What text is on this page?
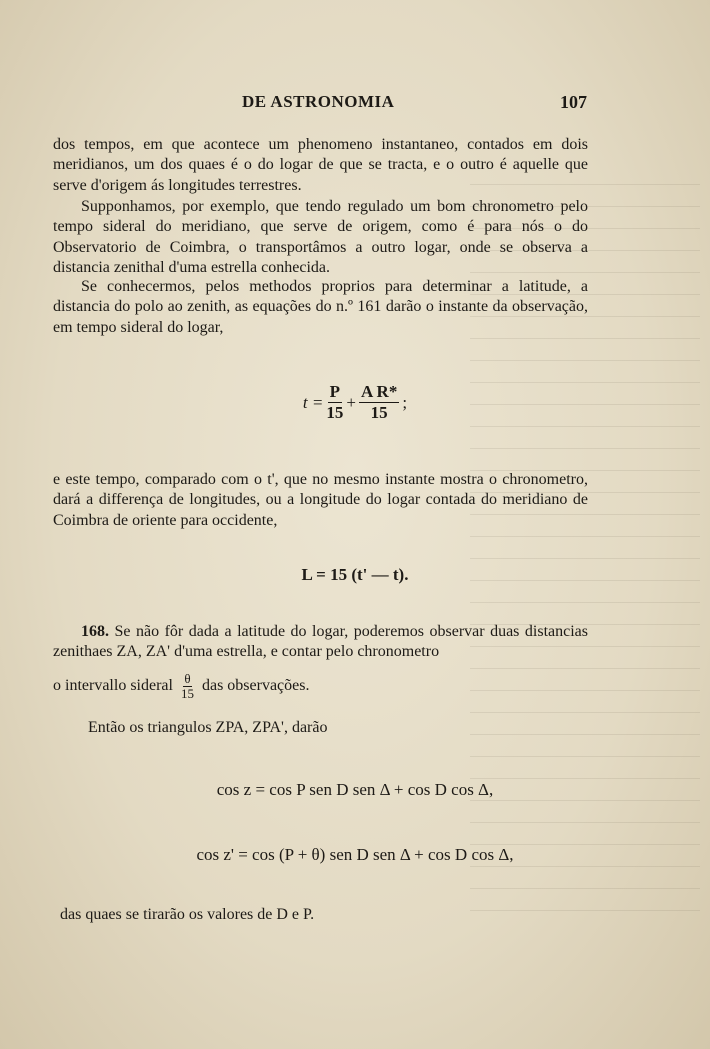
DE ASTRONOMIA	107
dos tempos, em que acontece um phenomeno instantaneo, contados em dois meridianos, um dos quaes é o do logar de que se tracta, e o outro é aquelle que serve d'origem ás longitudes terrestres.
Supponhamos, por exemplo, que tendo regulado um bom chronometro pelo tempo sideral do meridiano, que serve de origem, como é para nós o do Observatorio de Coimbra, o transportâmos a outro logar, onde se observa a distancia zenithal d'uma estrella conhecida.
Se conhecermos, pelos methodos proprios para determinar a latitude, a distancia do polo ao zenith, as equações do n.º 161 darão o instante da observação, em tempo sideral do logar,
$t = \frac{P}{15} + \frac{\text{A R*}}{15}$ ;
e este tempo, comparado com o t', que no mesmo instante mostra o chronometro, dará a differença de longitudes, ou a longitude do logar contada do meridiano de Coimbra de oriente para occidente,
L = 15 (t' — t).
168. Se não fôr dada a latitude do logar, poderemos observar duas distancias zenithaes ZA, ZA' d'uma estrella, e contar pelo chronometro
o intervallo sideral $\frac{\theta}{15}$ das observações.
Então os triangulos ZPA, ZPA', darão
cos z = cos P sen D sen Δ + cos D cos Δ,
cos z' = cos (P + θ) sen D sen Δ + cos D cos Δ,
das quaes se tirarão os valores de D e P.
